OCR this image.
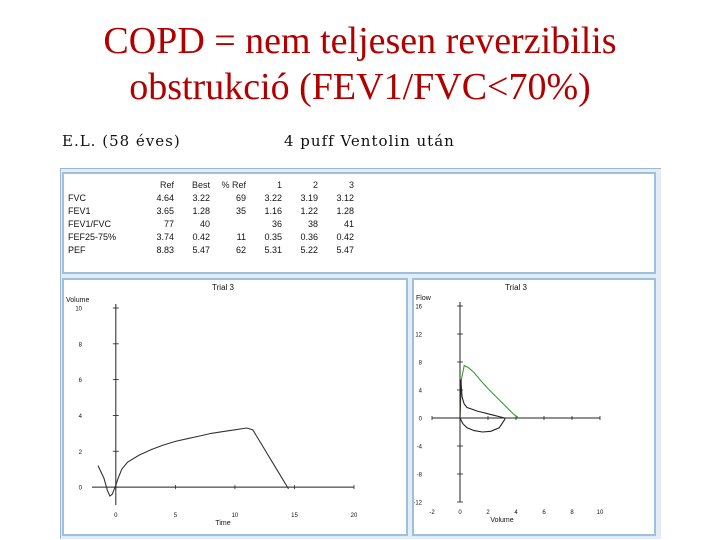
COPD = nem teljesen reverzibilis
obstrukció (FEV1/FVC<70%)
E.L. (58 éves)	4 puff Ventolin után
	Ref	Best	% Ref	1	2	3
FVC	4.64	3.22	69	3.22	3.19	3.12
FEV1	3.65	1.28	35	1.16	1.22	1.28
FEV1/FVC	77	40		36	38	41
FEF25-75%	3.74	0.42	11	0.35	0.36	0.42
PEF	8.83	5.47	62	5.31	5.22	5.47
Trial 3
Volume
10
8
6
4
2
0
0	5	10	15	20
Time
Trial 3
Flow
16
12
8
4
0
-4
-8
-12
-2	0	2	4	6	8	10
Volume
